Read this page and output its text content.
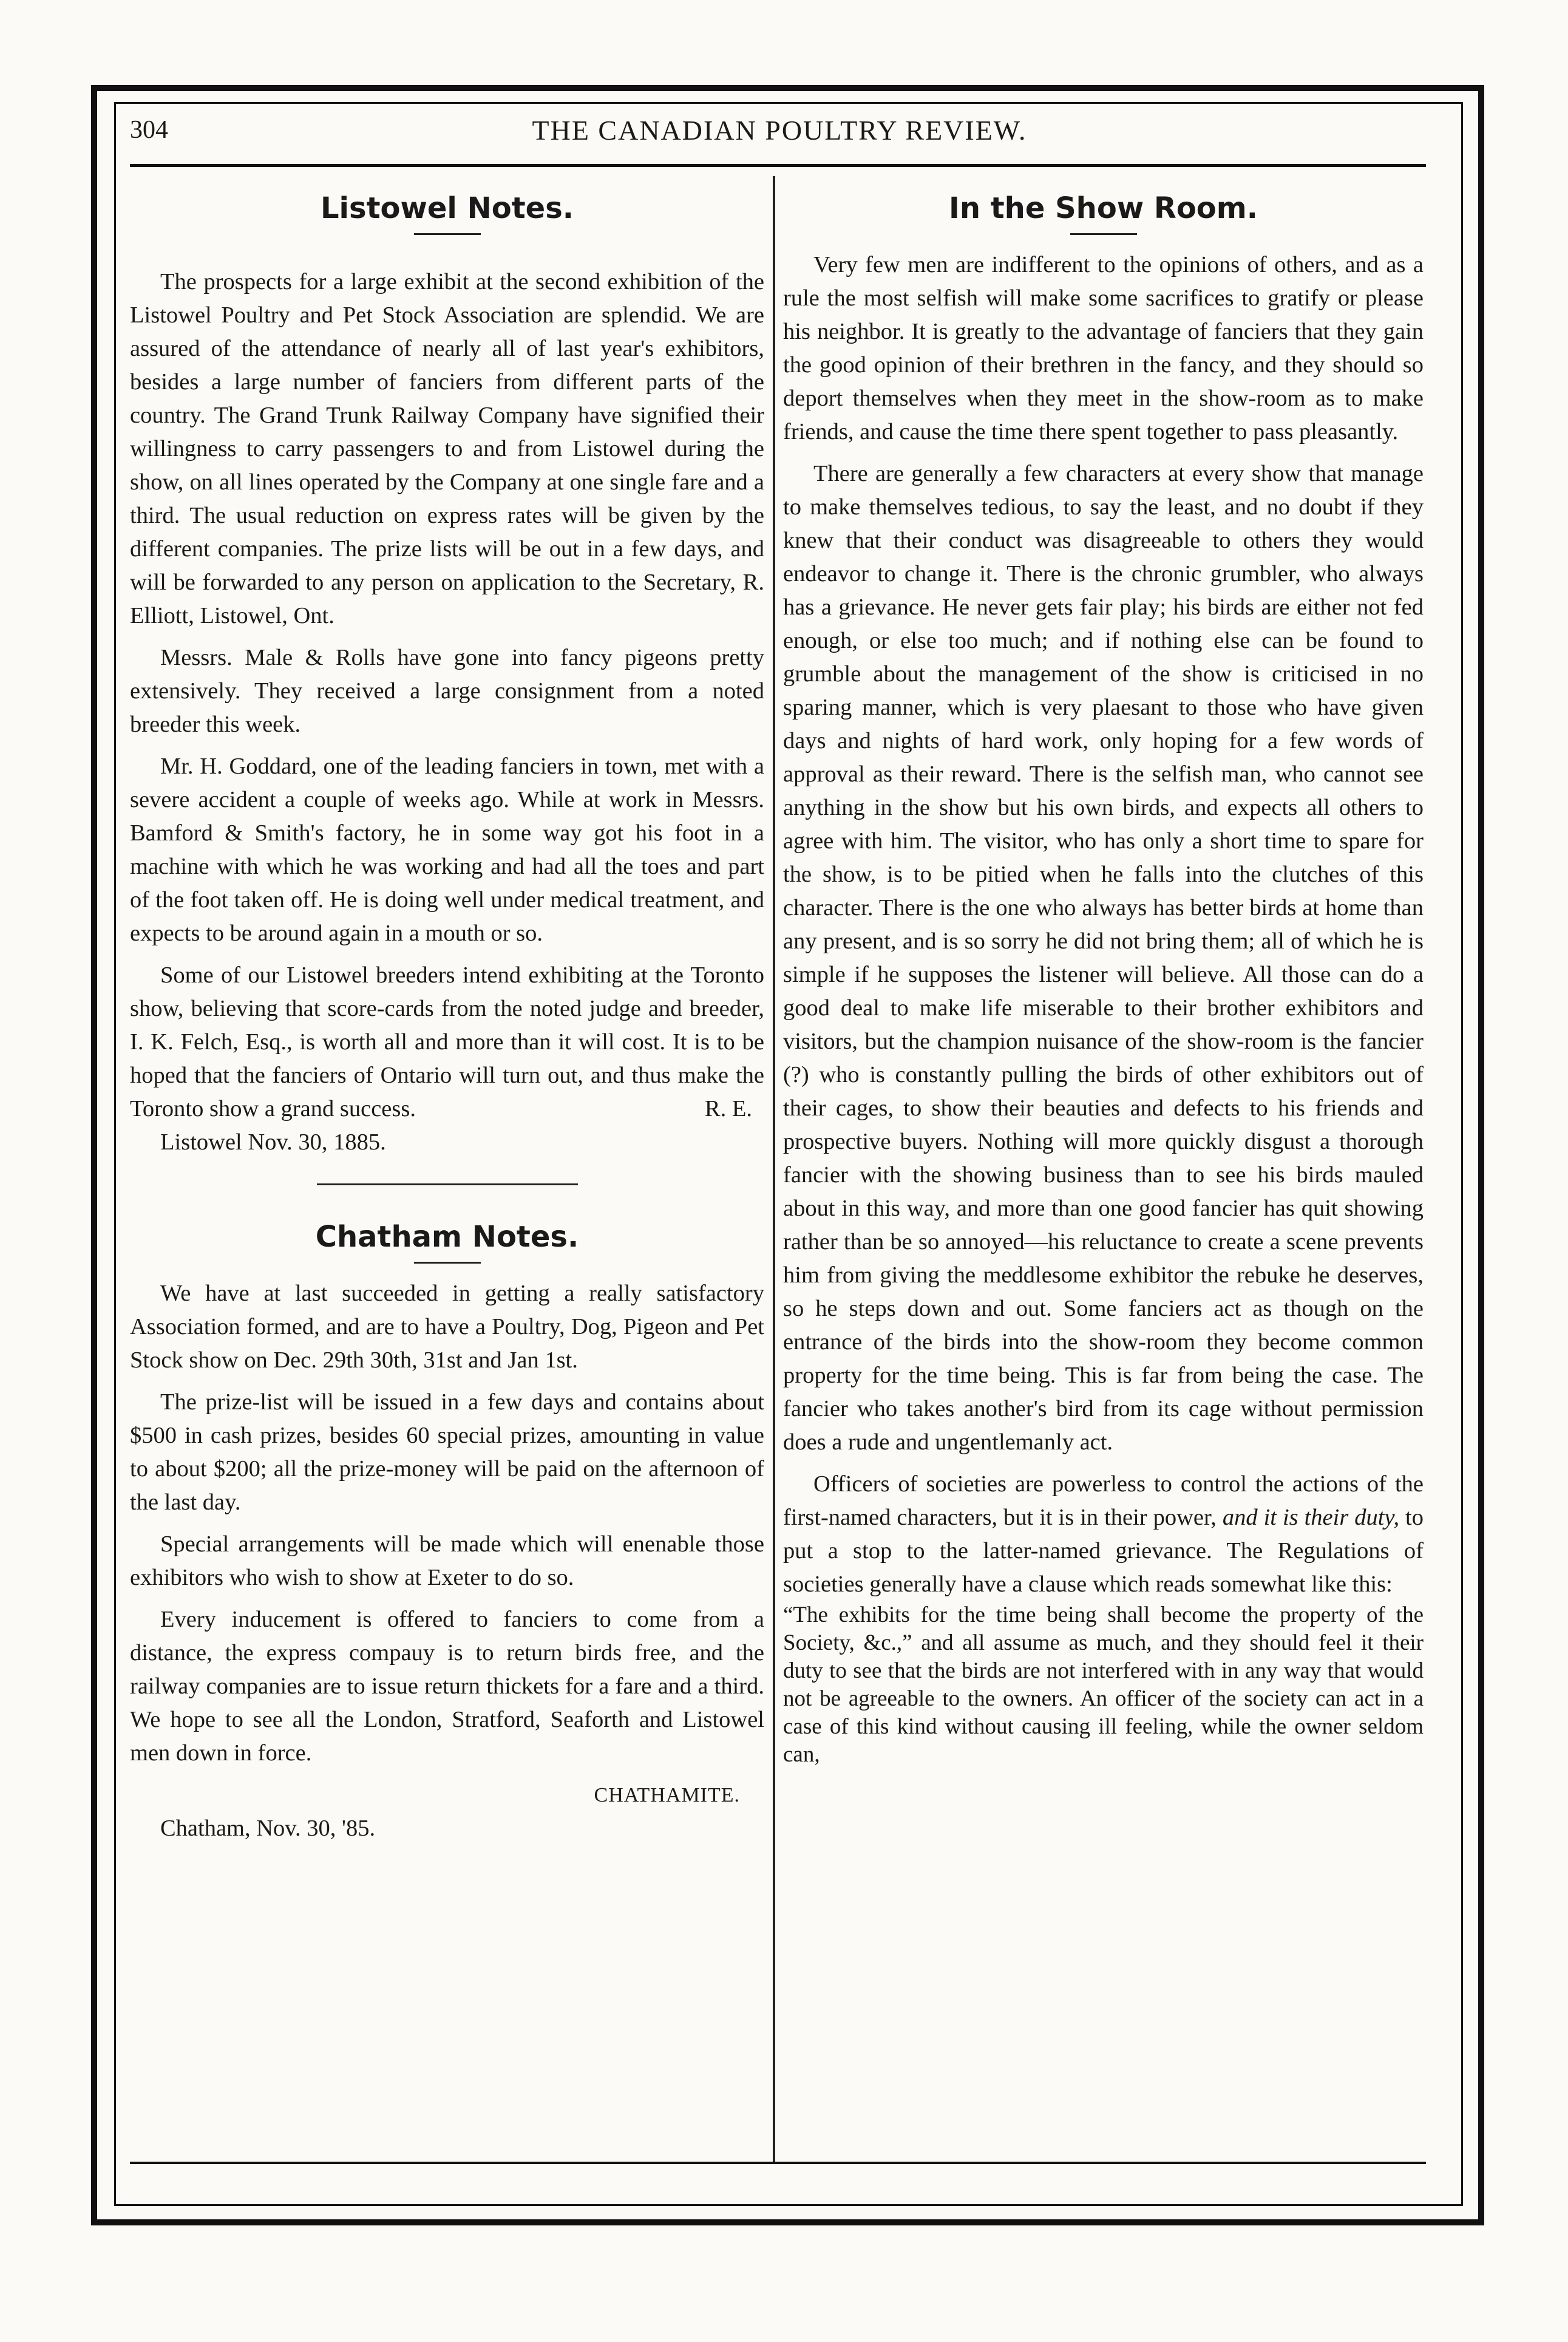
304	THE CANADIAN POULTRY REVIEW.
Listowel Notes.

The prospects for a large exhibit at the second exhibition of the Listowel Poultry and Pet Stock Association are splendid. We are assured of the attendance of nearly all of last year's exhibitors, besides a large number of fanciers from different parts of the country. The Grand Trunk Railway Company have signified their willingness to carry passengers to and from Listowel during the show, on all lines operated by the Company at one single fare and a third. The usual reduction on express rates will be given by the different companies. The prize lists will be out in a few days, and will be forwarded to any person on application to the Secretary, R. Elliott, Listowel, Ont.

Messrs. Male & Rolls have gone into fancy pigeons pretty extensively. They received a large consignment from a noted breeder this week.

Mr. H. Goddard, one of the leading fanciers in town, met with a severe accident a couple of weeks ago. While at work in Messrs. Bamford & Smith's factory, he in some way got his foot in a machine with which he was working and had all the toes and part of the foot taken off. He is doing well under medical treatment, and expects to be around again in a mouth or so.

Some of our Listowel breeders intend exhibiting at the Toronto show, believing that score-cards from the noted judge and breeder, I. K. Felch, Esq., is worth all and more than it will cost. It is to be hoped that the fanciers of Ontario will turn out, and thus make the Toronto show a grand success.	R. E.

Listowel Nov. 30, 1885.

Chatham Notes.

We have at last succeeded in getting a really satisfactory Association formed, and are to have a Poultry, Dog, Pigeon and Pet Stock show on Dec. 29th 30th, 31st and Jan 1st.

The prize-list will be issued in a few days and contains about $500 in cash prizes, besides 60 special prizes, amounting in value to about $200; all the prize-money will be paid on the afternoon of the last day.

Special arrangements will be made which will enenable those exhibitors who wish to show at Exeter to do so.

Every inducement is offered to fanciers to come from a distance, the express compauy is to return birds free, and the railway companies are to issue return thickets for a fare and a third. We hope to see all the London, Stratford, Seaforth and Listowel men down in force.

CHATHAMITE.

Chatham, Nov. 30, '85.

In the Show Room.

Very few men are indifferent to the opinions of others, and as a rule the most selfish will make some sacrifices to gratify or please his neighbor. It is greatly to the advantage of fanciers that they gain the good opinion of their brethren in the fancy, and they should so deport themselves when they meet in the show-room as to make friends, and cause the time there spent together to pass pleasantly.

There are generally a few characters at every show that manage to make themselves tedious, to say the least, and no doubt if they knew that their conduct was disagreeable to others they would endeavor to change it. There is the chronic grumbler, who always has a grievance. He never gets fair play; his birds are either not fed enough, or else too much; and if nothing else can be found to grumble about the management of the show is criticised in no sparing manner, which is very plaesant to those who have given days and nights of hard work, only hoping for a few words of approval as their reward. There is the selfish man, who cannot see anything in the show but his own birds, and expects all others to agree with him. The visitor, who has only a short time to spare for the show, is to be pitied when he falls into the clutches of this character. There is the one who always has better birds at home than any present, and is so sorry he did not bring them; all of which he is simple if he supposes the listener will believe. All those can do a good deal to make life miserable to their brother exhibitors and visitors, but the champion nuisance of the show-room is the fancier (?) who is constantly pulling the birds of other exhibitors out of their cages, to show their beauties and defects to his friends and prospective buyers. Nothing will more quickly disgust a thorough fancier with the showing business than to see his birds mauled about in this way, and more than one good fancier has quit showing rather than be so annoyed—his reluctance to create a scene prevents him from giving the meddlesome exhibitor the rebuke he deserves, so he steps down and out. Some fanciers act as though on the entrance of the birds into the show-room they become common property for the time being. This is far from being the case. The fancier who takes another's bird from its cage without permission does a rude and ungentlemanly act.

Officers of societies are powerless to control the actions of the first-named characters, but it is in their power, and it is their duty, to put a stop to the latter-named grievance. The Regulations of societies generally have a clause which reads somewhat like this:

“The exhibits for the time being shall become the property of the Society, &c.,” and all assume as much, and they should feel it their duty to see that the birds are not interfered with in any way that would not be agreeable to the owners. An officer of the society can act in a case of this kind without causing ill feeling, while the owner seldom can,
